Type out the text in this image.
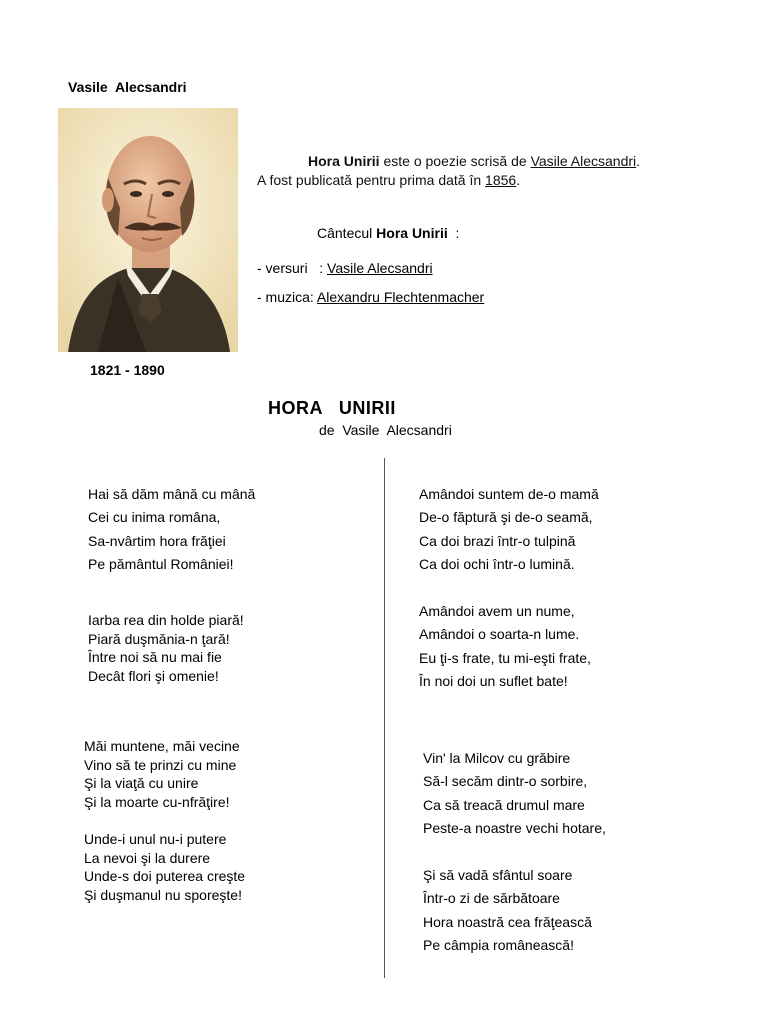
Vasile  Alecsandri
1821 - 1890
Hora Unirii este o poezie scrisă de Vasile Alecsandri.
A fost publicată pentru prima dată în 1856.
Cântecul Hora Unirii  :
- versuri   : Vasile Alecsandri
- muzica: Alexandru Flechtenmacher
HORA   UNIRII
de  Vasile  Alecsandri
Hai să dăm mână cu mână
Cei cu inima româna,
Sa-nvârtim hora frăţiei
Pe pământul României!
Iarba rea din holde piară!
Piară duşmănia-n ţară!
Între noi să nu mai fie
Decât flori şi omenie!
Măi muntene, măi vecine
Vino să te prinzi cu mine
Şi la viaţă cu unire
Şi la moarte cu-nfrăţire!
Unde-i unul nu-i putere
La nevoi şi la durere
Unde-s doi puterea creşte
Şi duşmanul nu sporeşte!
Amândoi suntem de-o mamă
De-o făptură şi de-o seamă,
Ca doi brazi într-o tulpină
Ca doi ochi într-o lumină.
Amândoi avem un nume,
Amândoi o soarta-n lume.
Eu ţi-s frate, tu mi-eşti frate,
În noi doi un suflet bate!
Vin' la Milcov cu grăbire
Să-l secăm dintr-o sorbire,
Ca să treacă drumul mare
Peste-a noastre vechi hotare,
Şi să vadă sfântul soare
Într-o zi de sărbătoare
Hora noastră cea frăţească
Pe câmpia românească!
